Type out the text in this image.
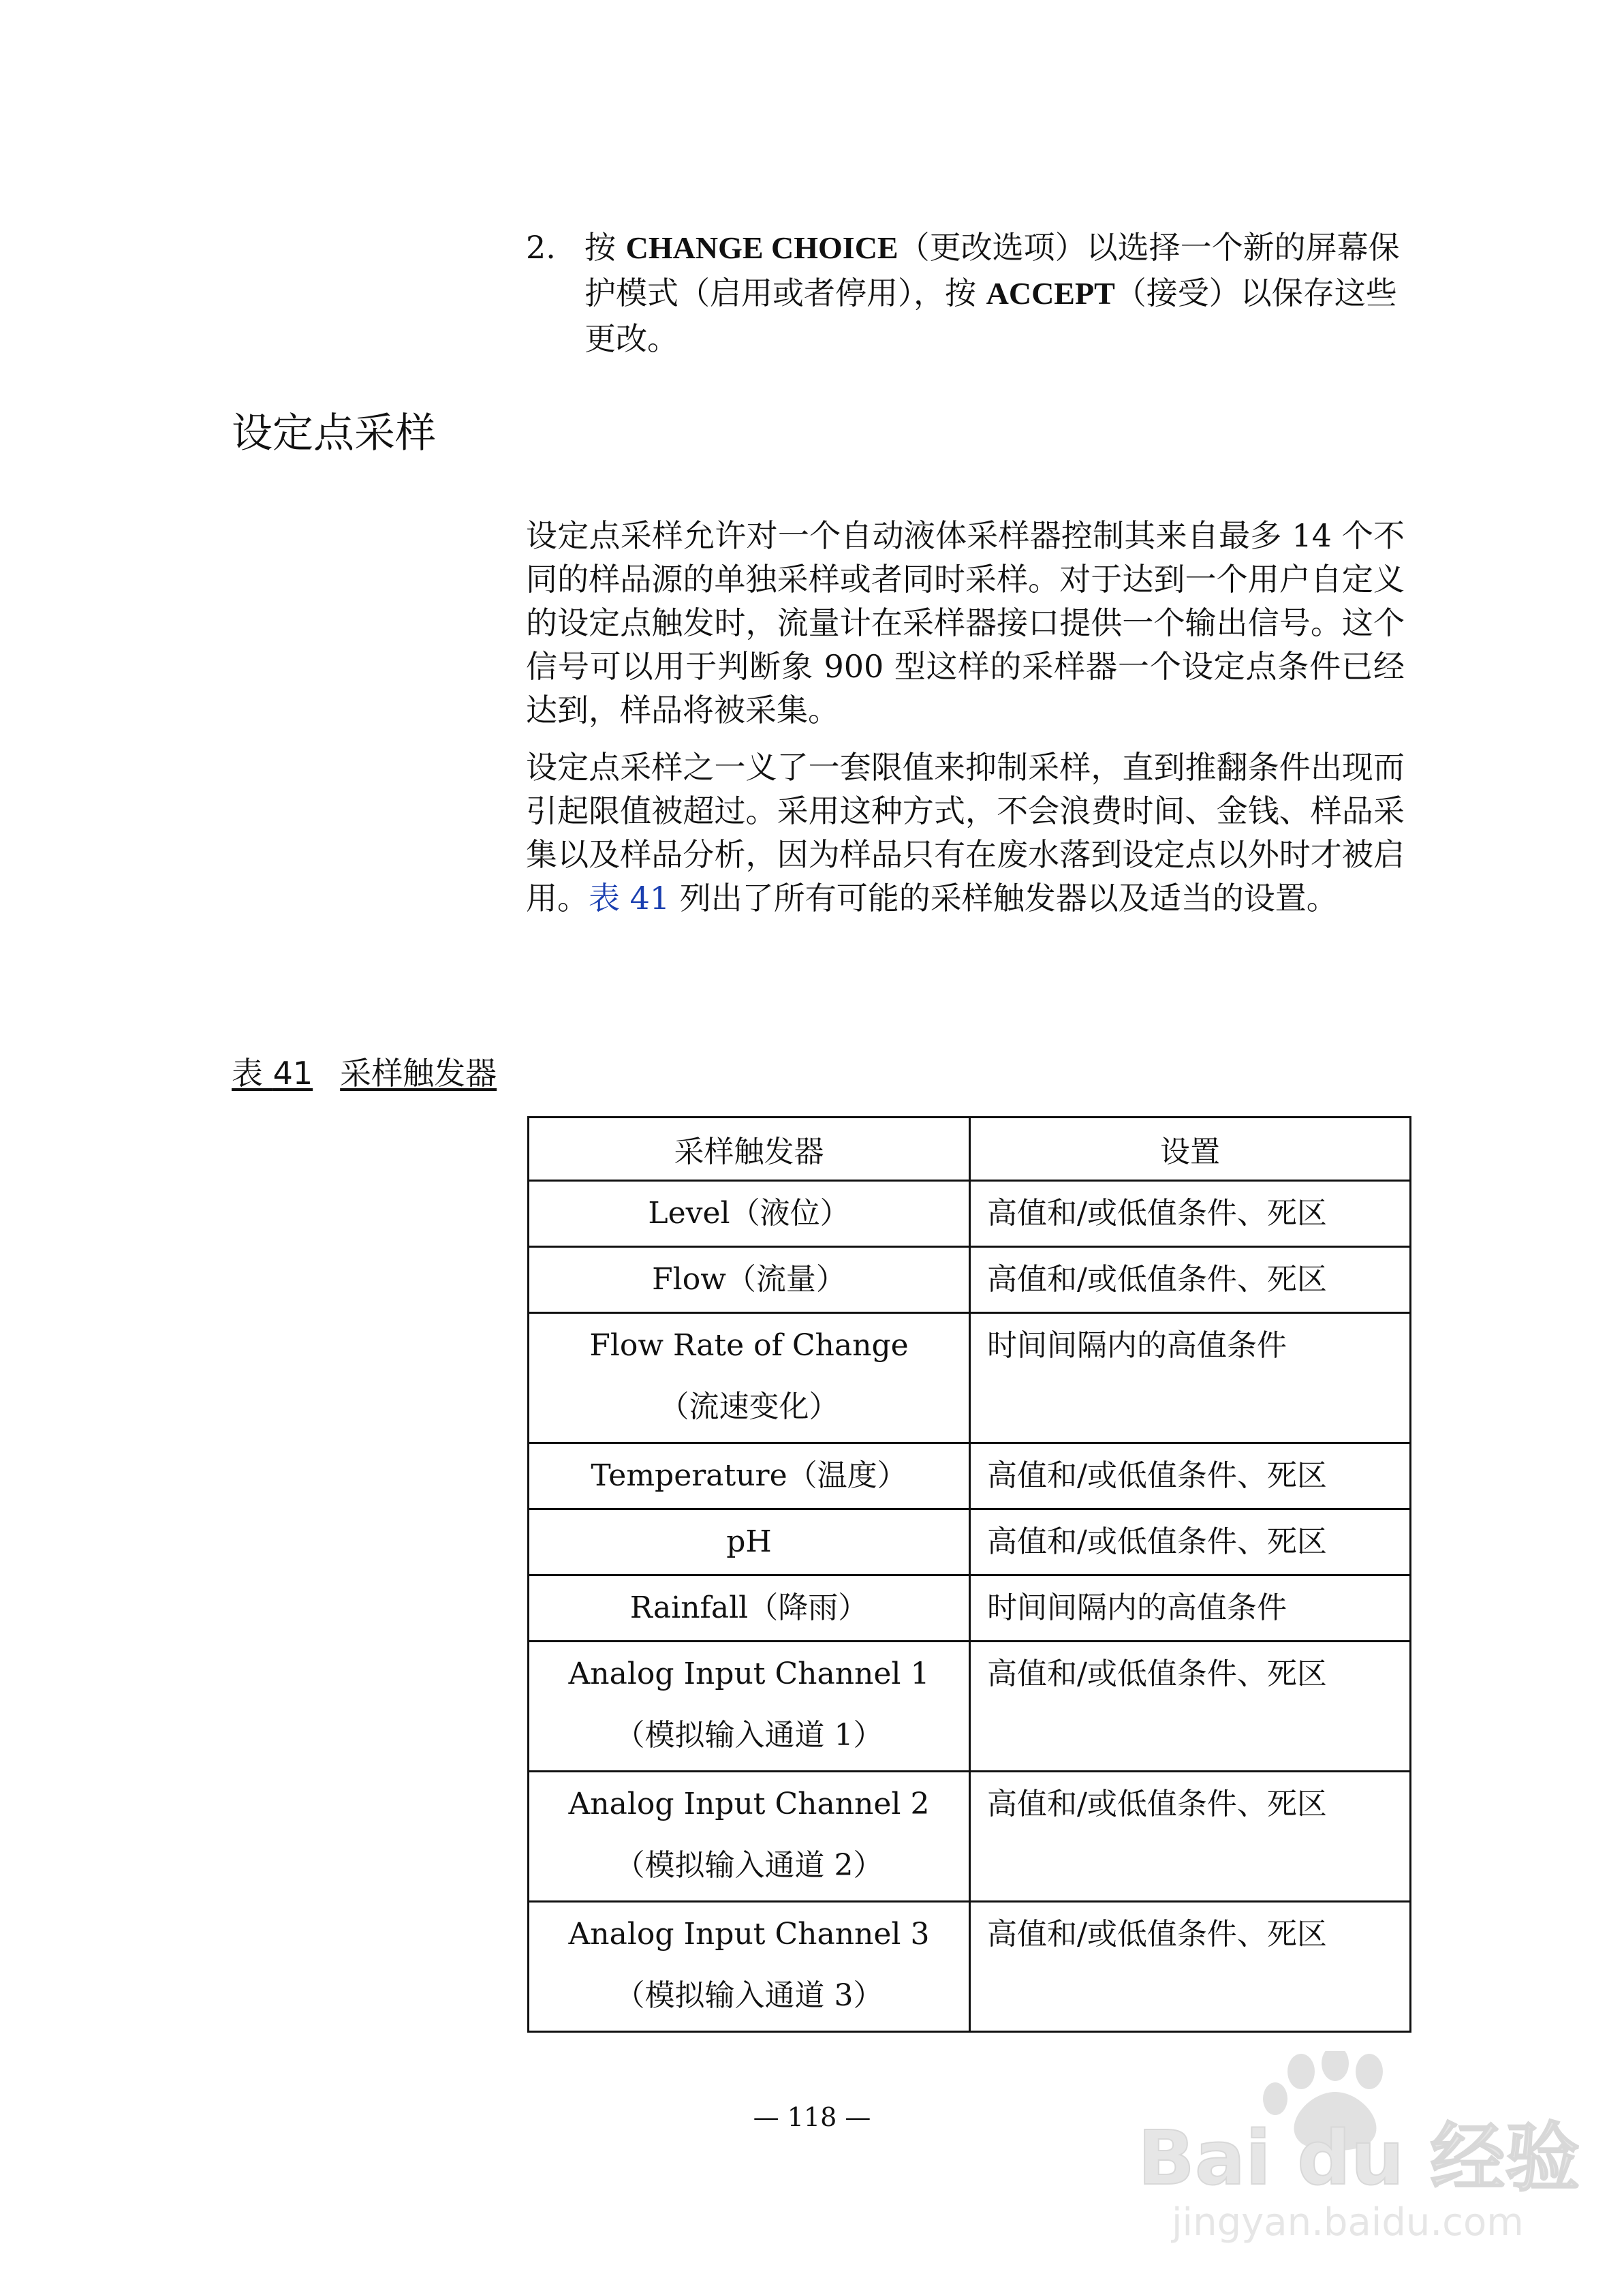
2. 按 CHANGE CHOICE（更改选项）以选择一个新的屏幕保护模式（启用或者停用），按 ACCEPT（接受）以保存这些更改。
设定点采样

设定点采样允许对一个自动液体采样器控制其来自最多 14 个不同的样品源的单独采样或者同时采样。对于达到一个用户自定义的设定点触发时，流量计在采样器接口提供一个输出信号。这个信号可以用于判断象 900 型这样的采样器一个设定点条件已经达到，样品将被采集。

设定点采样之一义了一套限值来抑制采样，直到推翻条件出现而引起限值被超过。采用这种方式，不会浪费时间、金钱、样品采集以及样品分析，因为样品只有在废水落到设定点以外时才被启用。表 41 列出了所有可能的采样触发器以及适当的设置。

表 41 采样触发器
采样触发器	设置

Level（液位）	高值和/或低值条件、死区

Flow（流量）	高值和/或低值条件、死区

Flow Rate of Change
（流速变化）	时间间隔内的高值条件

Temperature（温度）	高值和/或低值条件、死区

pH	高值和/或低值条件、死区

Rainfall（降雨）	时间间隔内的高值条件

Analog Input Channel 1
（模拟输入通道 1）	高值和/或低值条件、死区

Analog Input Channel 2
（模拟输入通道 2）	高值和/或低值条件、死区

Analog Input Channel 3
（模拟输入通道 3）	高值和/或低值条件、死区
— 118 —	Bai du 经验
jingyan.baidu.com
